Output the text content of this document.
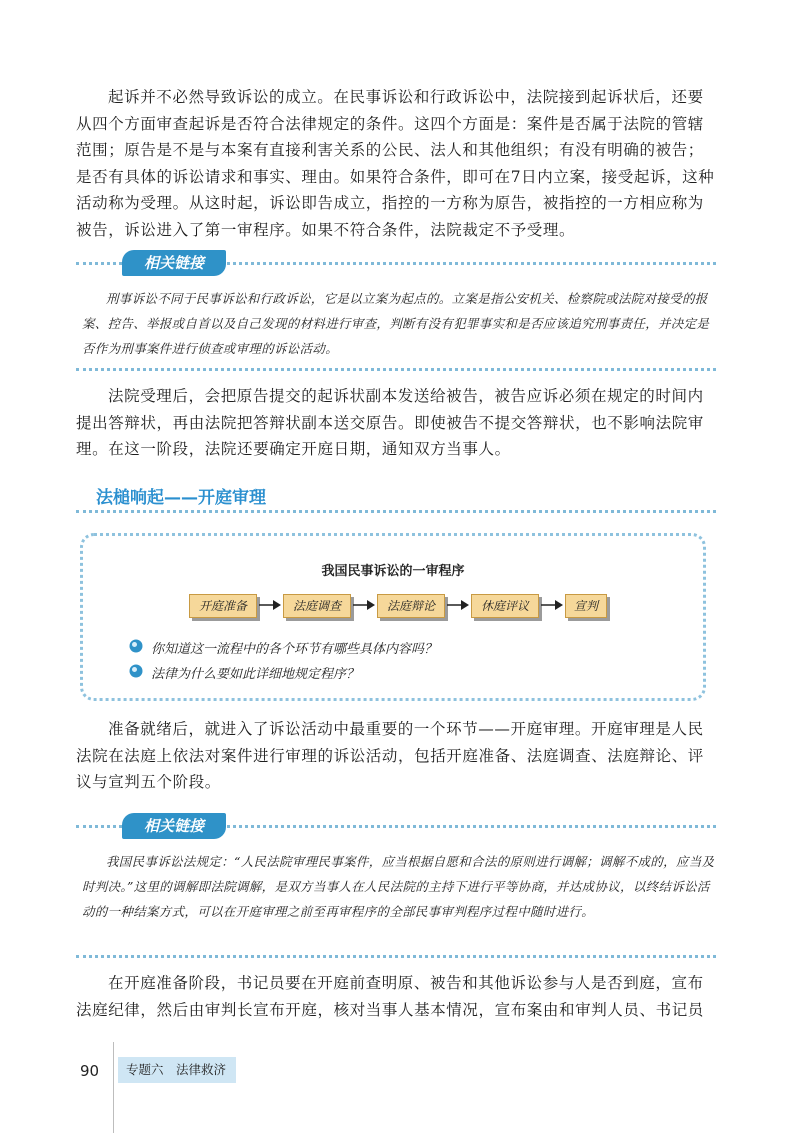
起诉并不必然导致诉讼的成立。在民事诉讼和行政诉讼中，法院接到起诉状后，还要从四个方面审查起诉是否符合法律规定的条件。这四个方面是：案件是否属于法院的管辖范围；原告是不是与本案有直接利害关系的公民、法人和其他组织；有没有明确的被告；是否有具体的诉讼请求和事实、理由。如果符合条件，即可在7日内立案，接受起诉，这种活动称为受理。从这时起，诉讼即告成立，指控的一方称为原告，被指控的一方相应称为被告，诉讼进入了第一审程序。如果不符合条件，法院裁定不予受理。

相关链接

刑事诉讼不同于民事诉讼和行政诉讼，它是以立案为起点的。立案是指公安机关、检察院或法院对接受的报案、控告、举报或自首以及自己发现的材料进行审查，判断有没有犯罪事实和是否应该追究刑事责任，并决定是否作为刑事案件进行侦查或审理的诉讼活动。

法院受理后，会把原告提交的起诉状副本发送给被告，被告应诉必须在规定的时间内提出答辩状，再由法院把答辩状副本送交原告。即使被告不提交答辩状，也不影响法院审理。在这一阶段，法院还要确定开庭日期，通知双方当事人。

法槌响起——开庭审理

我国民事诉讼的一审程序

开庭准备	法庭调查	法庭辩论	休庭评议	宣判
你知道这一流程中的各个环节有哪些具体内容吗？
法律为什么要如此详细地规定程序？

准备就绪后，就进入了诉讼活动中最重要的一个环节——开庭审理。开庭审理是人民法院在法庭上依法对案件进行审理的诉讼活动，包括开庭准备、法庭调查、法庭辩论、评议与宣判五个阶段。

相关链接

我国民事诉讼法规定：“人民法院审理民事案件，应当根据自愿和合法的原则进行调解；调解不成的，应当及时判决。”这里的调解即法院调解，是双方当事人在人民法院的主持下进行平等协商，并达成协议，以终结诉讼活动的一种结案方式，可以在开庭审理之前至再审程序的全部民事审判程序过程中随时进行。

在开庭准备阶段，书记员要在开庭前查明原、被告和其他诉讼参与人是否到庭，宣布法庭纪律，然后由审判长宣布开庭，核对当事人基本情况，宣布案由和审判人员、书记员

90	专题六　法律救济
